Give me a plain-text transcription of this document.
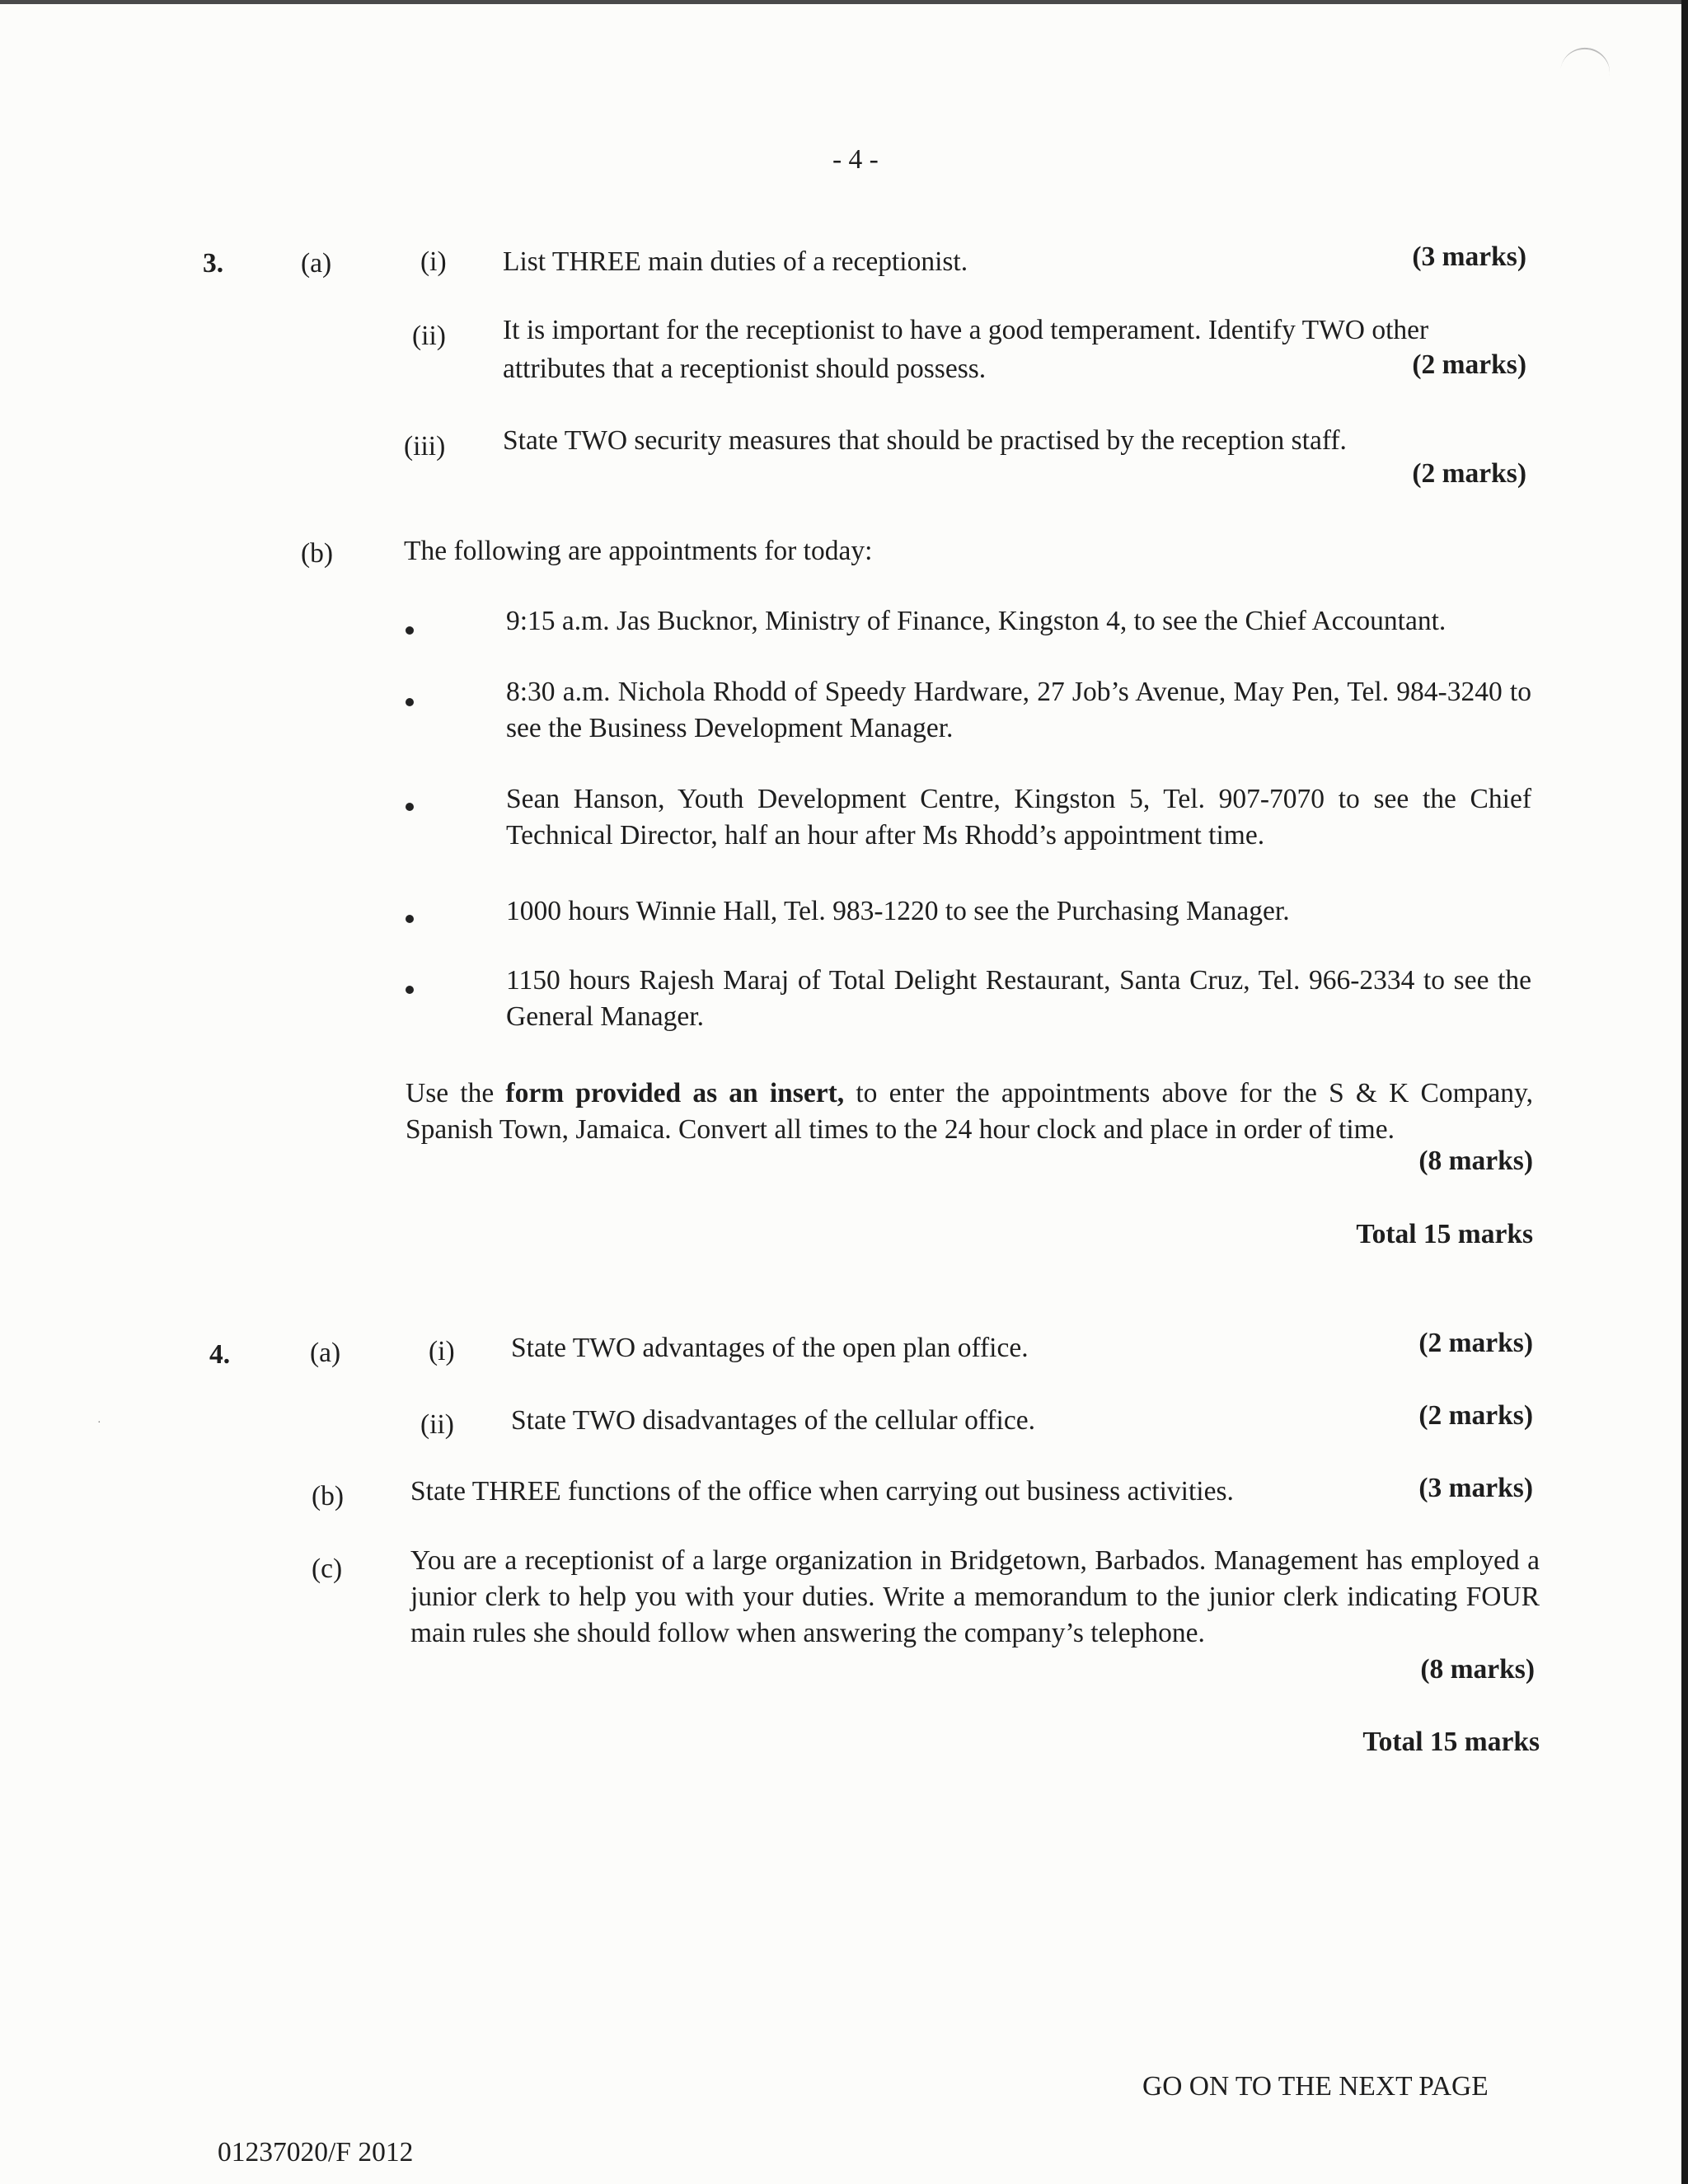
·
- 4 -
3.	(a)	(i) List THREE main duties of a receptionist.	(3 marks)
(ii) It is important for the receptionist to have a good temperament. Identify TWO other
attributes that a receptionist should possess.	(2 marks)
(iii) State TWO security measures that should be practised by the reception staff.
(2 marks)
(b)	The following are appointments for today:
9:15 a.m. Jas Bucknor, Ministry of Finance, Kingston 4, to see the Chief Accountant.
8:30 a.m. Nichola Rhodd of Speedy Hardware, 27 Job’s Avenue, May Pen, Tel. 984-3240 to see the Business Development Manager.
Sean Hanson, Youth Development Centre, Kingston 5, Tel. 907-7070 to see the Chief Technical Director, half an hour after Ms Rhodd’s appointment time.
1000 hours Winnie Hall, Tel. 983-1220 to see the Purchasing Manager.
1150 hours Rajesh Maraj of Total Delight Restaurant, Santa Cruz, Tel. 966-2334 to see the General Manager.
Use the form provided as an insert, to enter the appointments above for the S & K Company, Spanish Town, Jamaica. Convert all times to the 24 hour clock and place in order of time.
(8 marks)
Total 15 marks
4.	(a)	(i) State TWO advantages of the open plan office.	(2 marks)
(ii) State TWO disadvantages of the cellular office.	(2 marks)
(b) State THREE functions of the office when carrying out business activities.	(3 marks)
(c) You are a receptionist of a large organization in Bridgetown, Barbados. Management has employed a junior clerk to help you with your duties. Write a memorandum to the junior clerk indicating FOUR main rules she should follow when answering the company’s telephone.
(8 marks)
Total 15 marks
GO ON TO THE NEXT PAGE
01237020/F 2012
